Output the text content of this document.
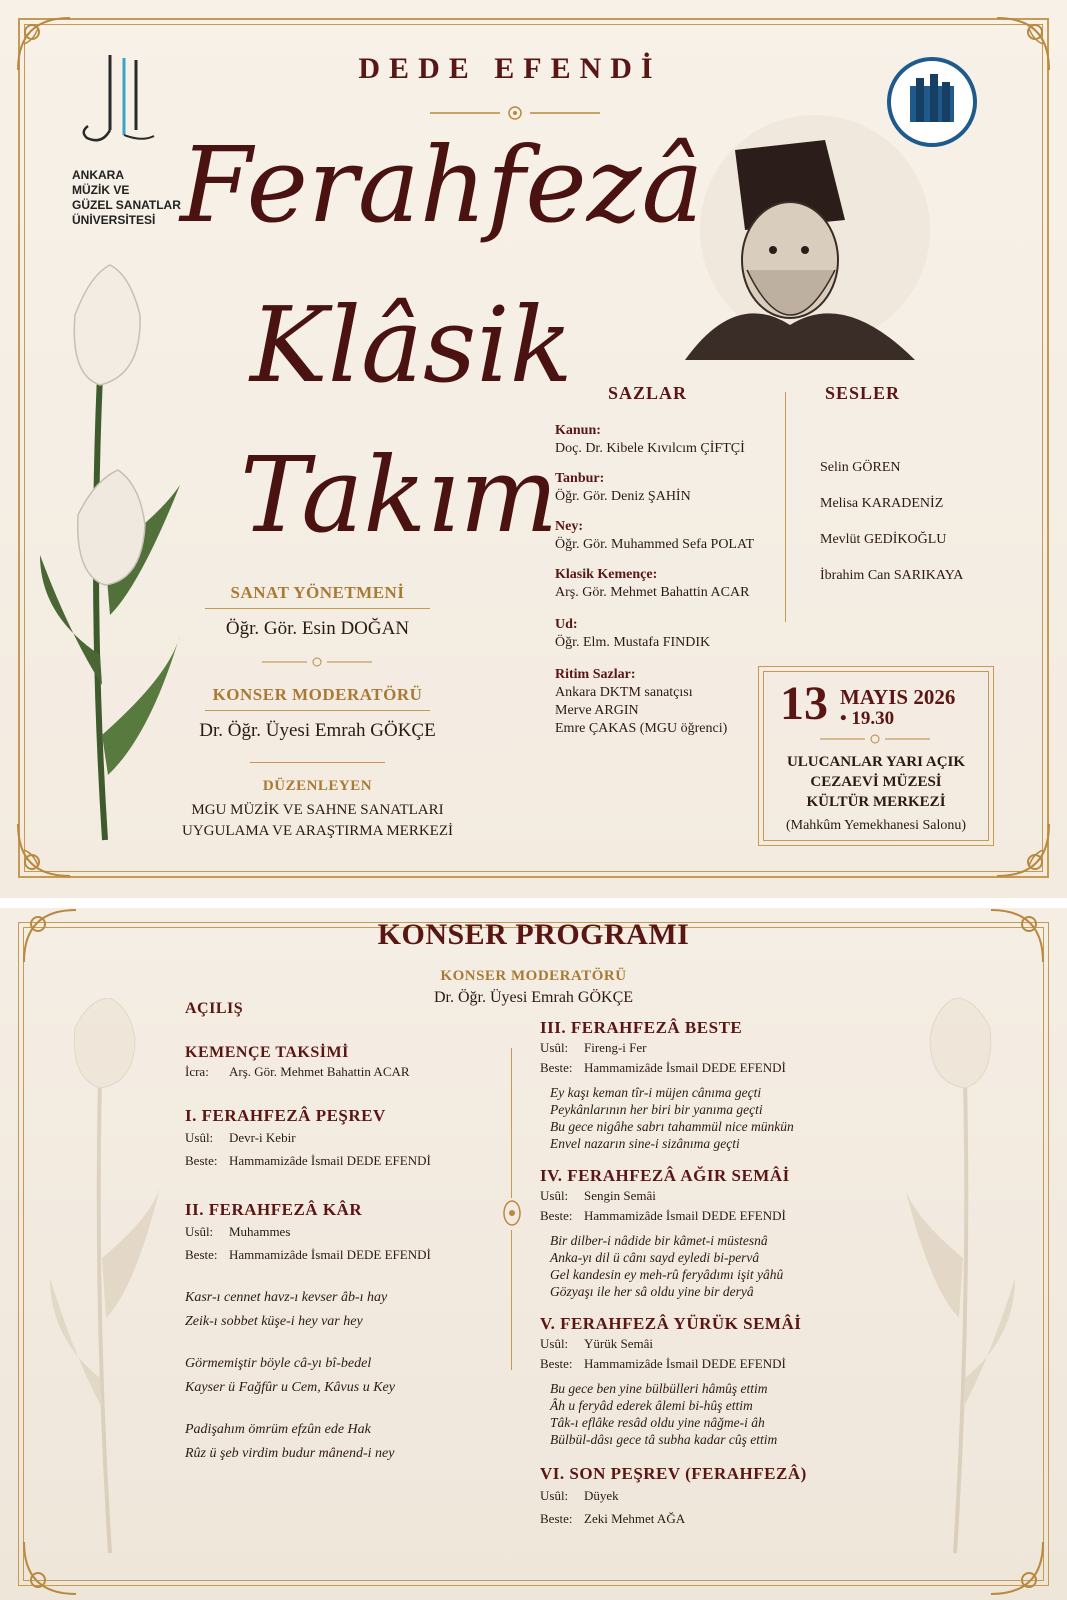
ANKARA
MÜZİK VE
GÜZEL SANATLAR
ÜNİVERSİTESİ
DEDE EFENDİ
Ferahfezâ
Klâsik
Takım
SANAT YÖNETMENİ
Öğr. Gör. Esin DOĞAN
KONSER MODERATÖRÜ
Dr. Öğr. Üyesi Emrah GÖKÇE
DÜZENLEYEN
MGU MÜZİK VE SAHNE SANATLARI
UYGULAMA VE ARAŞTIRMA MERKEZİ
SAZLAR
Kanun:
Doç. Dr. Kibele Kıvılcım ÇİFTÇİ
Tanbur:
Öğr. Gör. Deniz ŞAHİN
Ney:
Öğr. Gör. Muhammed Sefa POLAT
Klasik Kemençe:
Arş. Gör. Mehmet Bahattin ACAR
Ud:
Öğr. Elm. Mustafa FINDIK
Ritim Sazlar:
Ankara DKTM sanatçısı
Merve ARGIN
Emre ÇAKAS (MGU öğrenci)
SESLER
Selin GÖREN
Melisa KARADENİZ
Mevlüt GEDİKOĞLU
İbrahim Can SARIKAYA
13 MAYIS 2026
• 19.30
ULUCANLAR YARI AÇIK
CEZAEVİ MÜZESİ
KÜLTÜR MERKEZİ
(Mahkûm Yemekhanesi Salonu)
KONSER PROGRAMI
KONSER MODERATÖRÜ
Dr. Öğr. Üyesi Emrah GÖKÇE
AÇILIŞ
KEMENÇE TAKSİMİ
İcra: Arş. Gör. Mehmet Bahattin ACAR
I. FERAHFEZÂ PEŞREV
Usûl: Devr-i Kebir
Beste: Hammamizâde İsmail DEDE EFENDİ
II. FERAHFEZÂ KÂR
Usûl: Muhammes
Beste: Hammamizâde İsmail DEDE EFENDİ
Kasr-ı cennet havz-ı kevser âb-ı hay
Zeik-ı sobbet küşe-i hey var hey
Görmemiştir böyle câ-yı bî-bedel
Kayser ü Fağfûr u Cem, Kâvus u Key
Padişahım ömrüm efzûn ede Hak
Rûz ü şeb virdim budur mânend-i ney
III. FERAHFEZÂ BESTE
Usûl: Fireng-i Fer
Beste: Hammamizâde İsmail DEDE EFENDİ
Ey kaşı keman tîr-i müjen cânıma geçti
Peykânlarının her biri bir yanıma geçti
Bu gece nigâhe sabrı tahammül nice münkün
Envel nazarın sine-i sizânıma geçti
IV. FERAHFEZÂ AĞIR SEMÂİ
Usûl: Sengin Semâi
Beste: Hammamizâde İsmail DEDE EFENDİ
Bir dilber-i nâdide bir kâmet-i müstesnâ
Anka-yı dil ü cânı sayd eyledi bi-pervâ
Gel kandesin ey meh-rû feryâdımı işit yâhû
Gözyaşı ile her sâ oldu yine bir deryâ
V. FERAHFEZÂ YÜRÜK SEMÂİ
Usûl: Yürük Semâi
Beste: Hammamizâde İsmail DEDE EFENDİ
Bu gece ben yine bülbülleri hâmûş ettim
Âh u feryâd ederek âlemi bi-hûş ettim
Tâk-ı eflâke resâd oldu yine nâğme-i âh
Bülbül-dâsı gece tâ subha kadar cûş ettim
VI. SON PEŞREV (FERAHFEZÂ)
Usûl: Düyek
Beste: Zeki Mehmet AĞA
